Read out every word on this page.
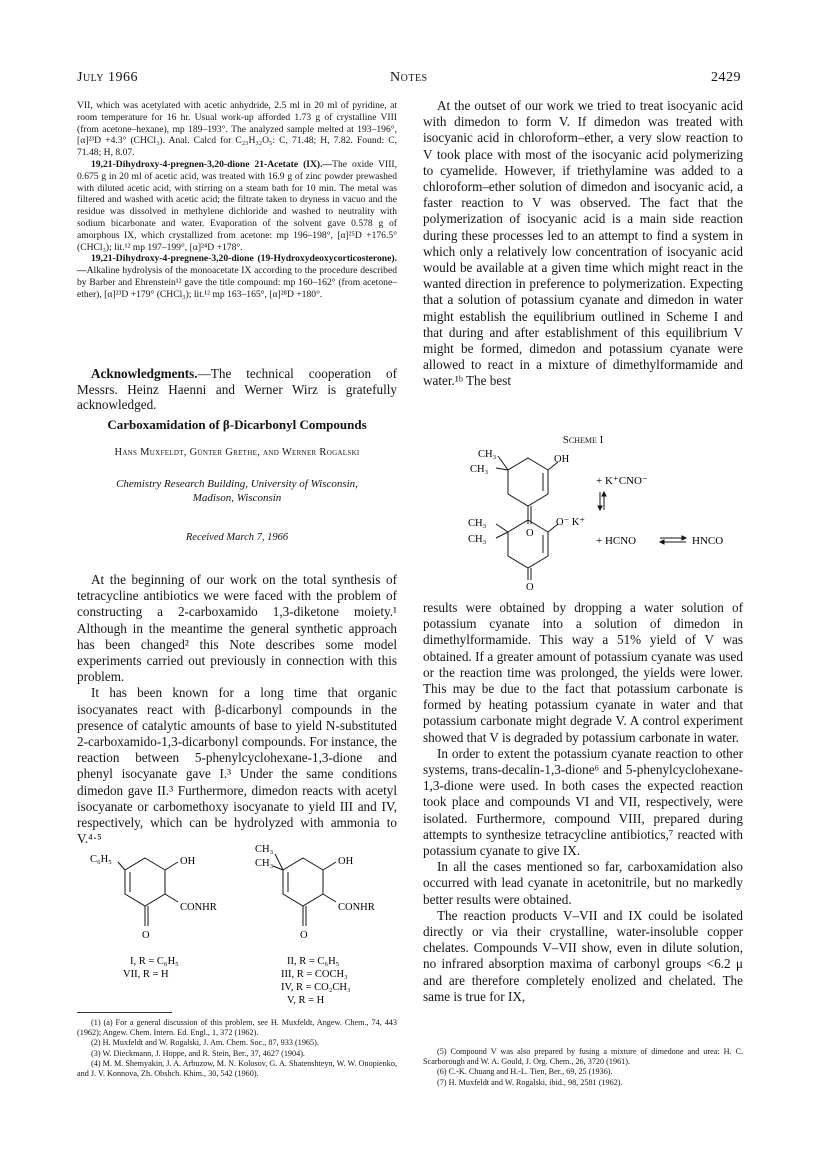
July 1966	Notes	2429

VII, which was acetylated with acetic anhydride, 2.5 ml in 20 ml of pyridine, at room temperature for 16 hr. Usual work-up afforded 1.73 g of crystalline VIII (from acetone–hexane), mp 189–193°. The analyzed sample melted at 193–196°, [α]²³D +4.3° (CHCl₃). Anal. Calcd for C₂₃H₃₂O₅: C, 71.48; H, 7.82. Found: C, 71.48; H, 8.07.

19,21-Dihydroxy-4-pregnen-3,20-dione 21-Acetate (IX).—The oxide VIII, 0.675 g in 20 ml of acetic acid, was treated with 16.9 g of zinc powder prewashed with diluted acetic acid, with stirring on a steam bath for 10 min. The metal was filtered and washed with acetic acid; the filtrate taken to dryness in vacuo and the residue was dissolved in methylene dichloride and washed to neutrality with sodium bicarbonate and water. Evaporation of the solvent gave 0.578 g of amorphous IX, which crystallized from acetone: mp 196–198°, [α]²⁵D +176.5° (CHCl₃); lit.¹² mp 197–199°, [α]²⁴D +178°.

19,21-Dihydroxy-4-pregnene-3,20-dione (19-Hydroxydeoxycorticosterone).—Alkaline hydrolysis of the monoacetate IX according to the procedure described by Barber and Ehrenstein¹² gave the title compound: mp 160–162° (from acetone–ether), [α]²³D +179° (CHCl₃); lit.¹² mp 163–165°, [α]²⁸D +180°.

Acknowledgments.—The technical cooperation of Messrs. Heinz Haenni and Werner Wirz is gratefully acknowledged.

Carboxamidation of β-Dicarbonyl Compounds
Hans Muxfeldt, Günter Grethe, and Werner Rogalski
Chemistry Research Building, University of Wisconsin,
Madison, Wisconsin
Received March 7, 1966

At the beginning of our work on the total synthesis of tetracycline antibiotics we were faced with the problem of constructing a 2-carboxamido 1,3-diketone moiety.¹ Although in the meantime the general synthetic approach has been changed² this Note describes some model experiments carried out previously in connection with this problem.

It has been known for a long time that organic isocyanates react with β-dicarbonyl compounds in the presence of catalytic amounts of base to yield N-substituted 2-carboxamido-1,3-dicarbonyl compounds. For instance, the reaction between 5-phenylcyclohexane-1,3-dione and phenyl isocyanate gave I.³ Under the same conditions dimedon gave II.³ Furthermore, dimedon reacts with acetyl isocyanate or carbomethoxy isocyanate to yield III and IV, respectively, which can be hydrolyzed with ammonia to V.⁴·⁵

C₆H₅	OH
CONHR
O
I, R = C₆H₅
VII, R = H
CH₃
CH₃	OH
CONHR
O
II, R = C₆H₅
III, R = COCH₃
IV, R = CO₂CH₃
V, R = H

(1) (a) For a general discussion of this problem, see H. Muxfeldt, Angew. Chem., 74, 443 (1962); Angew. Chem. Intern. Ed. Engl., 1, 372 (1962).

(2) H. Muxfeldt and W. Rogalski, J. Am. Chem. Soc., 87, 933 (1965).

(3) W. Dieckmann, J. Hoppe, and R. Stein, Ber., 37, 4627 (1904).

(4) M. M. Shemyakin, J. A. Arbuzow, M. N. Kolosov, G. A. Shatenshteyn, W. W. Onopienko, and J. V. Konnova, Zh. Obshch. Khim., 30, 542 (1960).

At the outset of our work we tried to treat isocyanic acid with dimedon to form V. If dimedon was treated with isocyanic acid in chloroform–ether, a very slow reaction to V took place with most of the isocyanic acid polymerizing to cyamelide. However, if triethylamine was added to a chloroform–ether solution of dimedon and isocyanic acid, a faster reaction to V was observed. The fact that the polymerization of isocyanic acid is a main side reaction during these processes led to an attempt to find a system in which only a relatively low concentration of isocyanic acid would be available at a given time which might react in the wanted direction in preference to polymerization. Expecting that a solution of potassium cyanate and dimedon in water might establish the equilibrium outlined in Scheme I and that during and after establishment of this equilibrium V might be formed, dimedon and potassium cyanate were allowed to react in a mixture of dimethylformamide and water.¹ᵇ The best

Scheme I
CH₃
CH₃
OH
O
+ K⁺CNO⁻
CH₃
CH₃
O⁻ K⁺
O
+ HCNO	HNCO

results were obtained by dropping a water solution of potassium cyanate into a solution of dimedon in dimethylformamide. This way a 51% yield of V was obtained. If a greater amount of potassium cyanate was used or the reaction time was prolonged, the yields were lower. This may be due to the fact that potassium carbonate is formed by heating potassium cyanate in water and that potassium carbonate might degrade V. A control experiment showed that V is degraded by potassium carbonate in water.

In order to extent the potassium cyanate reaction to other systems, trans-decalin-1,3-dione⁶ and 5-phenylcyclohexane-1,3-dione were used. In both cases the expected reaction took place and compounds VI and VII, respectively, were isolated. Furthermore, compound VIII, prepared during attempts to synthesize tetracycline antibiotics,⁷ reacted with potassium cyanate to give IX.

In all the cases mentioned so far, carboxamidation also occurred with lead cyanate in acetonitrile, but no markedly better results were obtained.

The reaction products V–VII and IX could be isolated directly or via their crystalline, water-insoluble copper chelates. Compounds V–VII show, even in dilute solution, no infrared absorption maxima of carbonyl groups <6.2 μ and are therefore completely enolized and chelated. The same is true for IX,

(5) Compound V was also prepared by fusing a mixture of dimedone and urea: H. C. Scarborough and W. A. Gould, J. Org. Chem., 26, 3720 (1961).

(6) C.-K. Chuang and H.-L. Tien, Ber., 69, 25 (1936).

(7) H. Muxfeldt and W. Rogalski, ibid., 98, 2581 (1962).
